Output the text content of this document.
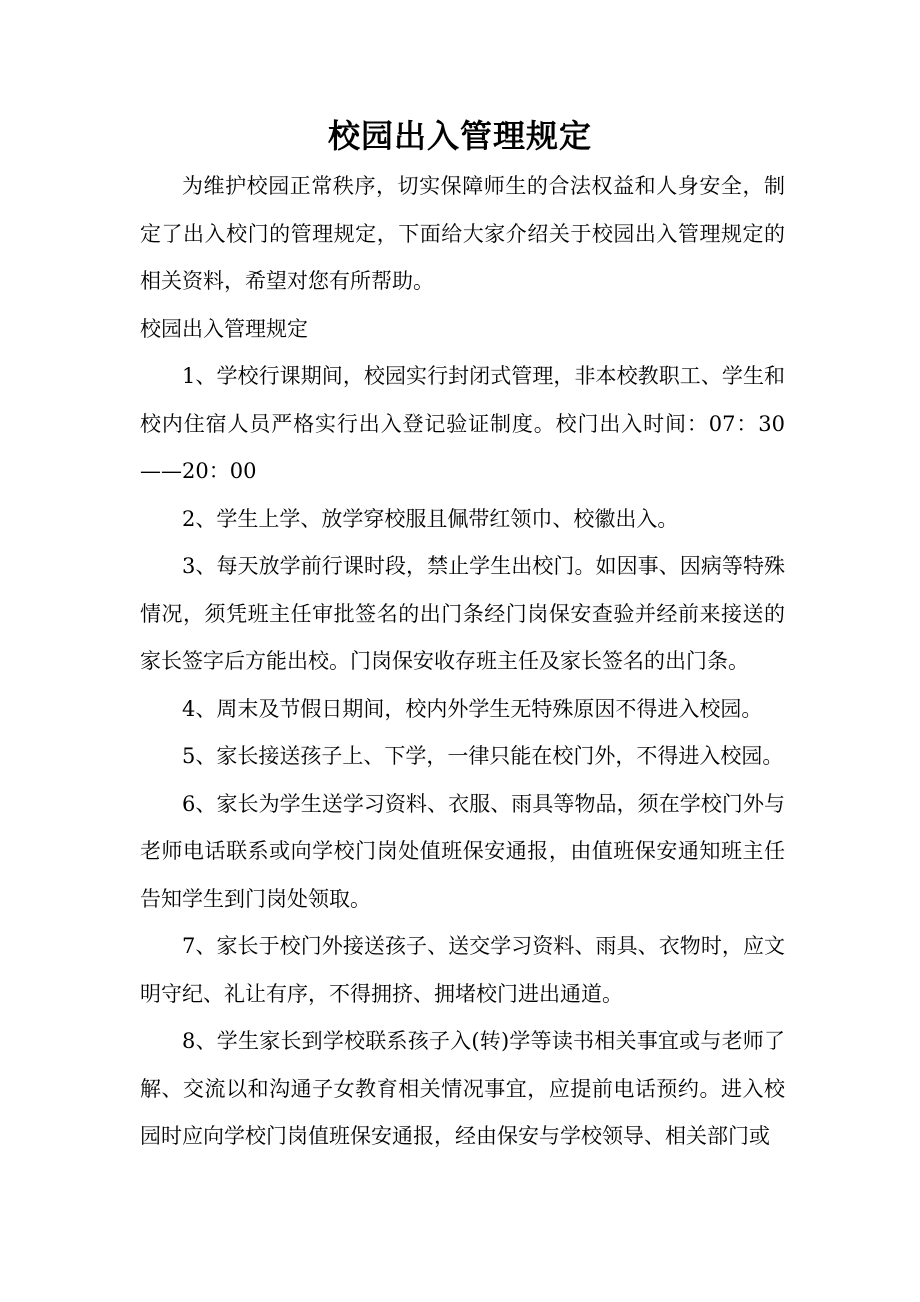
校园出入管理规定

为维护校园正常秩序，切实保障师生的合法权益和人身安全，制定了出入校门的管理规定，下面给大家介绍关于校园出入管理规定的相关资料，希望对您有所帮助。

校园出入管理规定

1、学校行课期间，校园实行封闭式管理，非本校教职工、学生和校内住宿人员严格实行出入登记验证制度。校门出入时间：07：30——20：00

2、学生上学、放学穿校服且佩带红领巾、校徽出入。

3、每天放学前行课时段，禁止学生出校门。如因事、因病等特殊情况，须凭班主任审批签名的出门条经门岗保安查验并经前来接送的家长签字后方能出校。门岗保安收存班主任及家长签名的出门条。

4、周末及节假日期间，校内外学生无特殊原因不得进入校园。

5、家长接送孩子上、下学，一律只能在校门外，不得进入校园。

6、家长为学生送学习资料、衣服、雨具等物品，须在学校门外与老师电话联系或向学校门岗处值班保安通报，由值班保安通知班主任告知学生到门岗处领取。

7、家长于校门外接送孩子、送交学习资料、雨具、衣物时，应文明守纪、礼让有序，不得拥挤、拥堵校门进出通道。

8、学生家长到学校联系孩子入(转)学等读书相关事宜或与老师了解、交流以和沟通子女教育相关情况事宜，应提前电话预约。进入校园时应向学校门岗值班保安通报，经由保安与学校领导、相关部门或
